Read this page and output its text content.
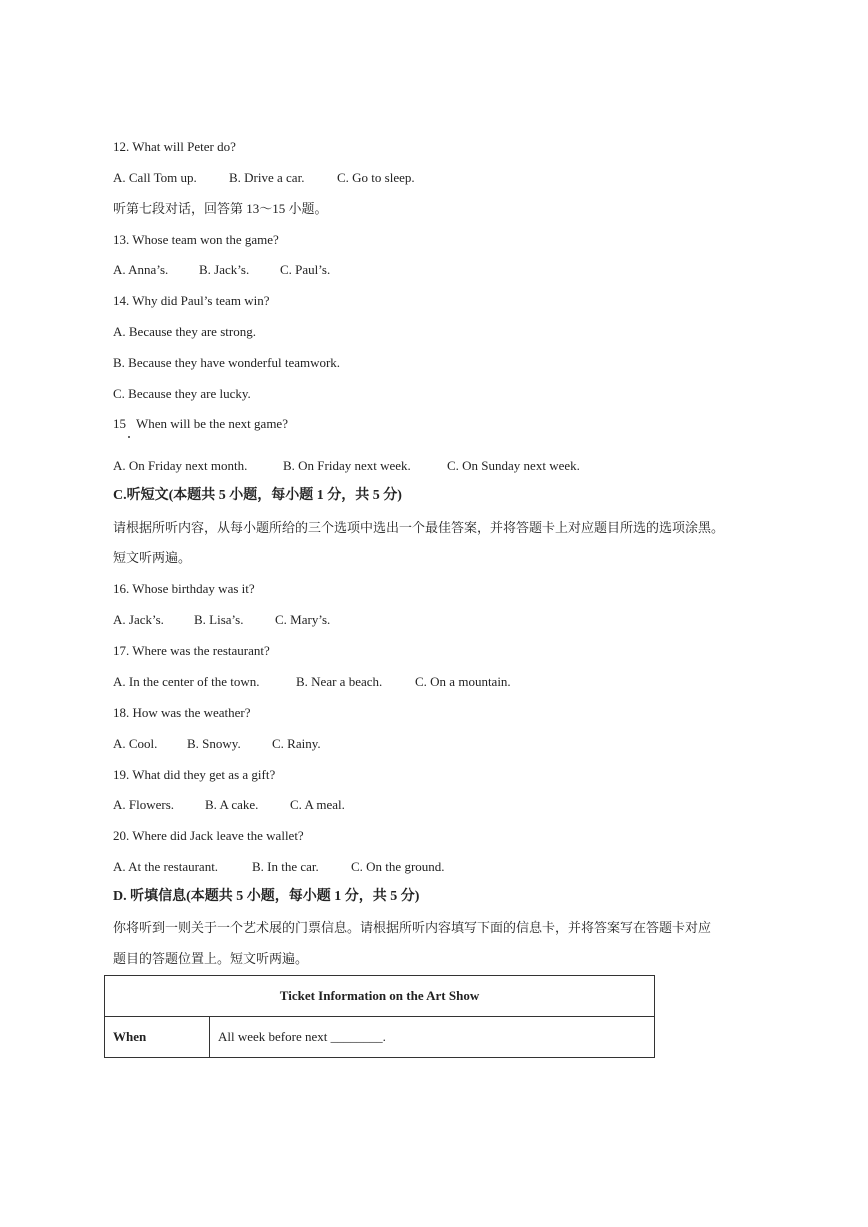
12. What will Peter do?
A. Call Tom up. B. Drive a car.	C. Go to sleep.
听第七段对话，回答第 13～15 小题。
13. Whose team won the game?
A. Anna’s. B. Jack’s. C. Paul’s.
14. Why did Paul’s team win?
A. Because they are strong.
B. Because they have wonderful teamwork.
C. Because they are lucky.
15 When will be the next game?
A. On Friday next month.	B. On Friday next week.	C. On Sunday next week.
C.听短文(本题共 5 小题，每小题 1 分，共 5 分)
请根据所听内容，从每小题所给的三个选项中选出一个最佳答案，并将答题卡上对应题目所选的选项涂黑。
短文听两遍。
16. Whose birthday was it?
A. Jack’s. B. Lisa’s. C. Mary’s.
17. Where was the restaurant?
A. In the center of the town.	B. Near a beach.	C. On a mountain.
18. How was the weather?
A. Cool. B. Snowy. C. Rainy.
19. What did they get as a gift?
A. Flowers. B. A cake. C. A meal.
20. Where did Jack leave the wallet?
A. At the restaurant.	B. In the car. C. On the ground.
D. 听填信息(本题共 5 小题，每小题 1 分，共 5 分)
你将听到一则关于一个艺术展的门票信息。请根据所听内容填写下面的信息卡，并将答案写在答题卡对应
题目的答题位置上。短文听两遍。
Ticket Information on the Art Show
When	All week before next ________.
